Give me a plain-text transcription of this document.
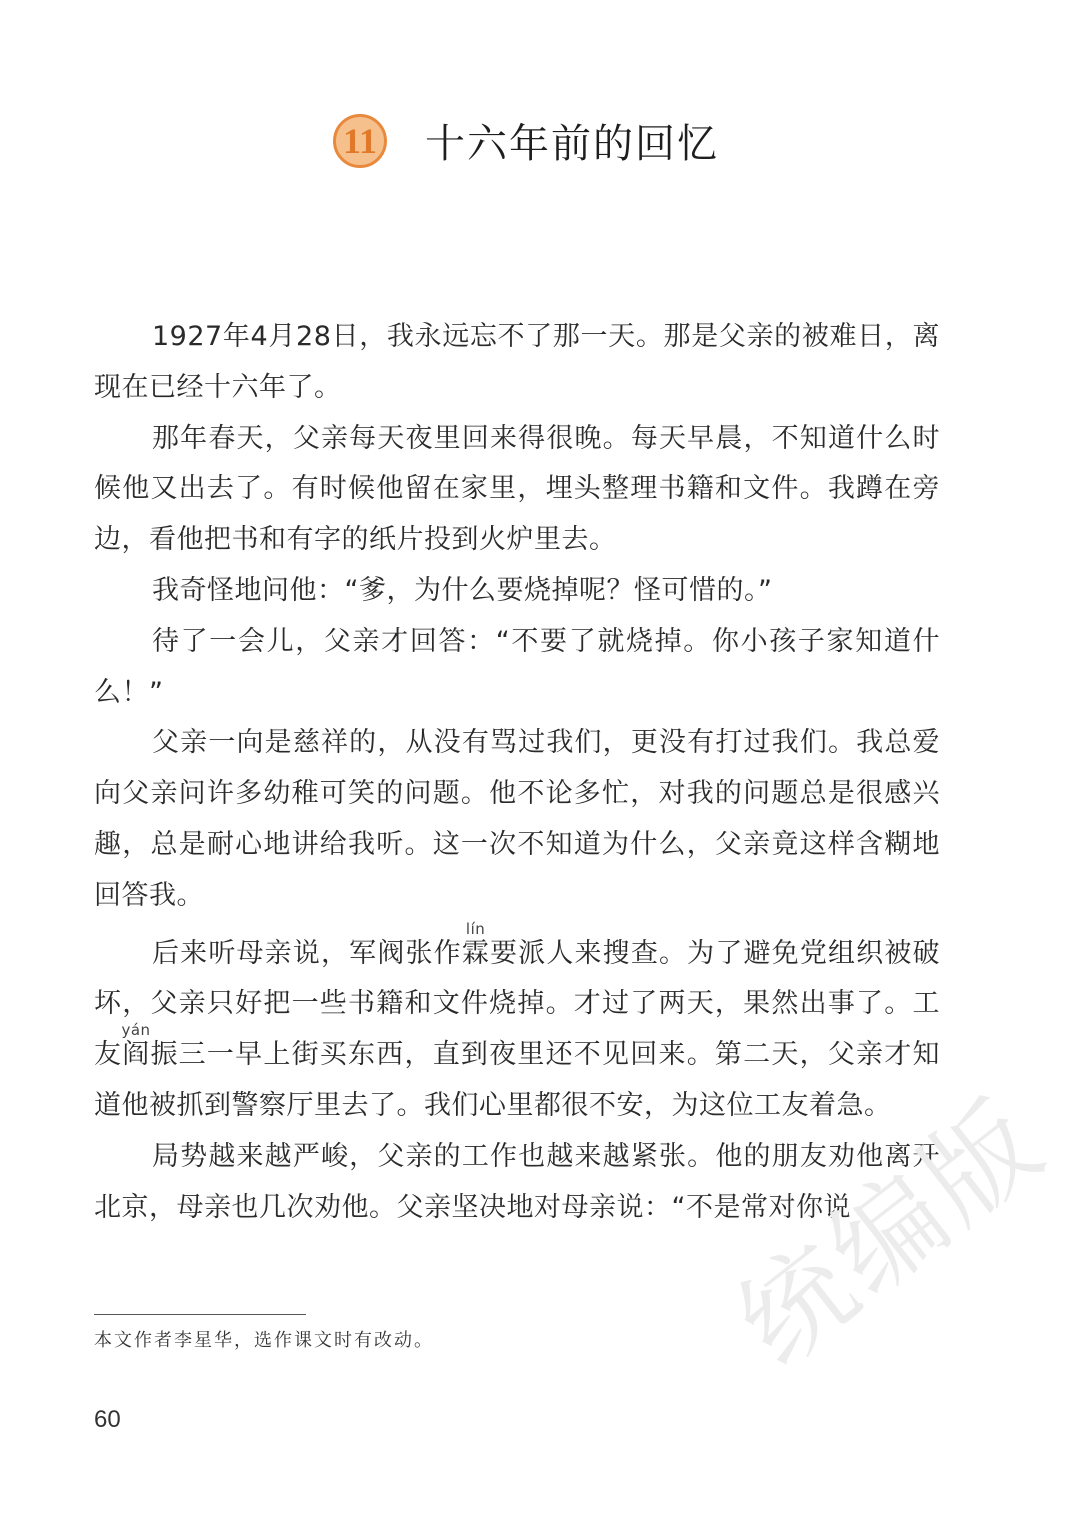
11 十六年前的回忆

1927年4月28日，我永远忘不了那一天。那是父亲的被难日，离现在已经十六年了。

那年春天，父亲每天夜里回来得很晚。每天早晨，不知道什么时候他又出去了。有时候他留在家里，埋头整理书籍和文件。我蹲在旁边，看他把书和有字的纸片投到火炉里去。

我奇怪地问他：“爹，为什么要烧掉呢？怪可惜的。”

待了一会儿，父亲才回答：“不要了就烧掉。你小孩子家知道什么！”

父亲一向是慈祥的，从没有骂过我们，更没有打过我们。我总爱向父亲问许多幼稚可笑的问题。他不论多忙，对我的问题总是很感兴趣，总是耐心地讲给我听。这一次不知道为什么，父亲竟这样含糊地回答我。

后来听母亲说，军阀张作霖lín要派人来搜查。为了避免党组织被破坏，父亲只好把一些书籍和文件烧掉。才过了两天，果然出事了。工友阎yán振三一早上街买东西，直到夜里还不见回来。第二天，父亲才知道他被抓到警察厅里去了。我们心里都很不安，为这位工友着急。

局势越来越严峻，父亲的工作也越来越紧张。他的朋友劝他离开北京，母亲也几次劝他。父亲坚决地对母亲说：“不是常对你说

本文作者李星华，选作课文时有改动。
60
统编版
